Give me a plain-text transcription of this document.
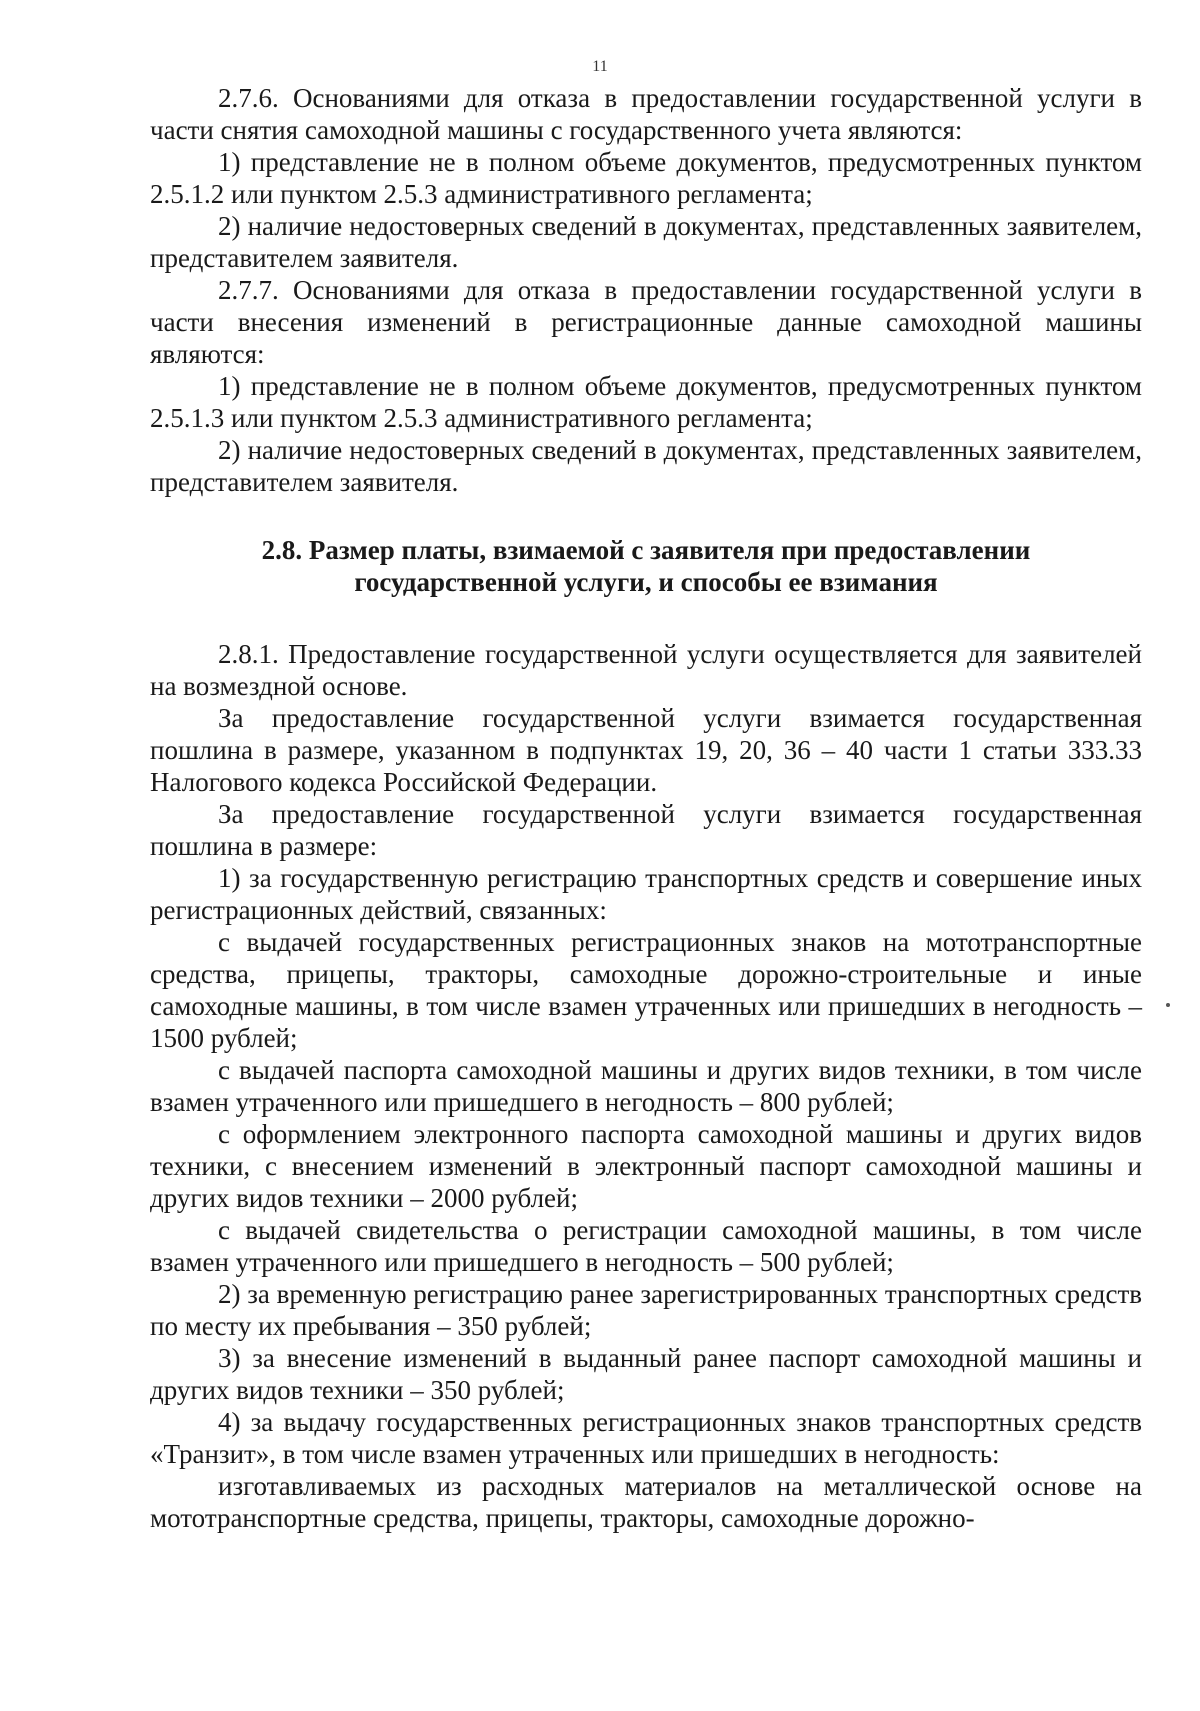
11

2.7.6. Основаниями для отказа в предоставлении государственной услуги в части снятия самоходной машины с государственного учета являются:

1) представление не в полном объеме документов, предусмотренных пунктом 2.5.1.2 или пунктом 2.5.3 административного регламента;

2) наличие недостоверных сведений в документах, представленных заявителем, представителем заявителя.

2.7.7. Основаниями для отказа в предоставлении государственной услуги в части внесения изменений в регистрационные данные самоходной машины являются:

1) представление не в полном объеме документов, предусмотренных пунктом 2.5.1.3 или пунктом 2.5.3 административного регламента;

2) наличие недостоверных сведений в документах, представленных заявителем, представителем заявителя.

2.8. Размер платы, взимаемой с заявителя при предоставлении
государственной услуги, и способы ее взимания

2.8.1. Предоставление государственной услуги осуществляется для заявителей на возмездной основе.

За предоставление государственной услуги взимается государственная пошлина в размере, указанном в подпунктах 19, 20, 36 – 40 части 1 статьи 333.33 Налогового кодекса Российской Федерации.

За предоставление государственной услуги взимается государственная пошлина в размере:

1) за государственную регистрацию транспортных средств и совершение иных регистрационных действий, связанных:

с выдачей государственных регистрационных знаков на мототранспортные средства, прицепы, тракторы, самоходные дорожно-строительные и иные самоходные машины, в том числе взамен утраченных или пришедших в негодность – 1500 рублей;

с выдачей паспорта самоходной машины и других видов техники, в том числе взамен утраченного или пришедшего в негодность – 800 рублей;

с оформлением электронного паспорта самоходной машины и других видов техники, с внесением изменений в электронный паспорт самоходной машины и других видов техники – 2000 рублей;

с выдачей свидетельства о регистрации самоходной машины, в том числе взамен утраченного или пришедшего в негодность – 500 рублей;

2) за временную регистрацию ранее зарегистрированных транспортных средств по месту их пребывания – 350 рублей;

3) за внесение изменений в выданный ранее паспорт самоходной машины и других видов техники – 350 рублей;

4) за выдачу государственных регистрационных знаков транспортных средств «Транзит», в том числе взамен утраченных или пришедших в негодность:

изготавливаемых из расходных материалов на металлической основе на мототранспортные средства, прицепы, тракторы, самоходные дорожно-
